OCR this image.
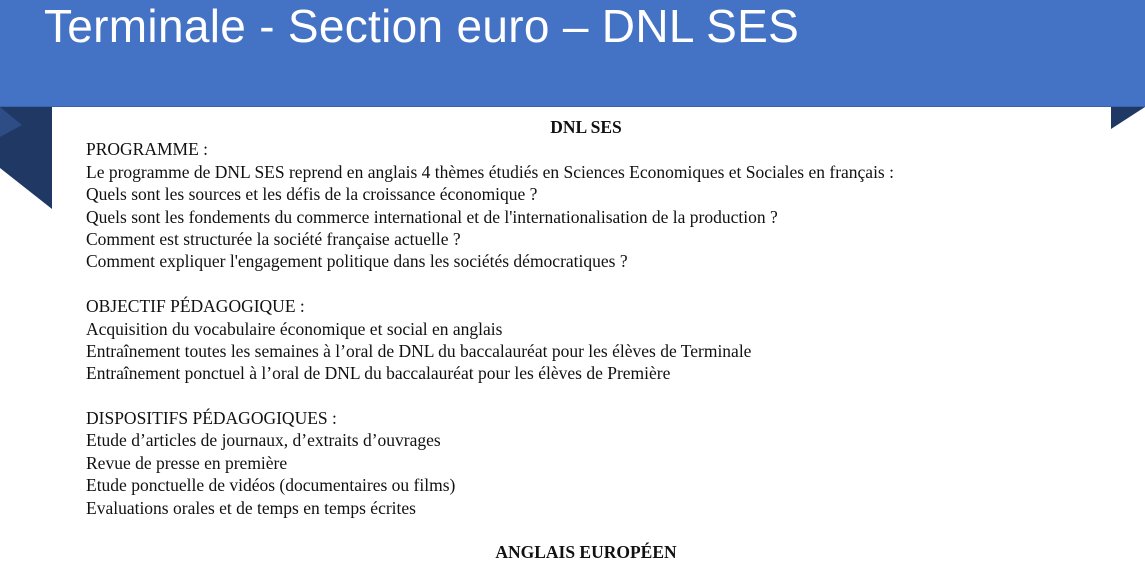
Terminale - Section euro – DNL SES
DNL SES
PROGRAMME :
Le programme de DNL SES reprend en anglais 4 thèmes étudiés en Sciences Economiques et Sociales en français :
Quels sont les sources et les défis de la croissance économique ?
Quels sont les fondements du commerce international et de l'internationalisation de la production ?
Comment est structurée la société française actuelle ?
Comment expliquer l'engagement politique dans les sociétés démocratiques ?
OBJECTIF PÉDAGOGIQUE :
Acquisition du vocabulaire économique et social en anglais
Entraînement toutes les semaines à l’oral de DNL du baccalauréat pour les élèves de Terminale
Entraînement ponctuel à l’oral de DNL du baccalauréat pour les élèves de Première
DISPOSITIFS PÉDAGOGIQUES :
Etude d’articles de journaux, d’extraits d’ouvrages
Revue de presse en première
Etude ponctuelle de vidéos (documentaires ou films)
Evaluations orales et de temps en temps écrites
ANGLAIS EUROPÉEN
